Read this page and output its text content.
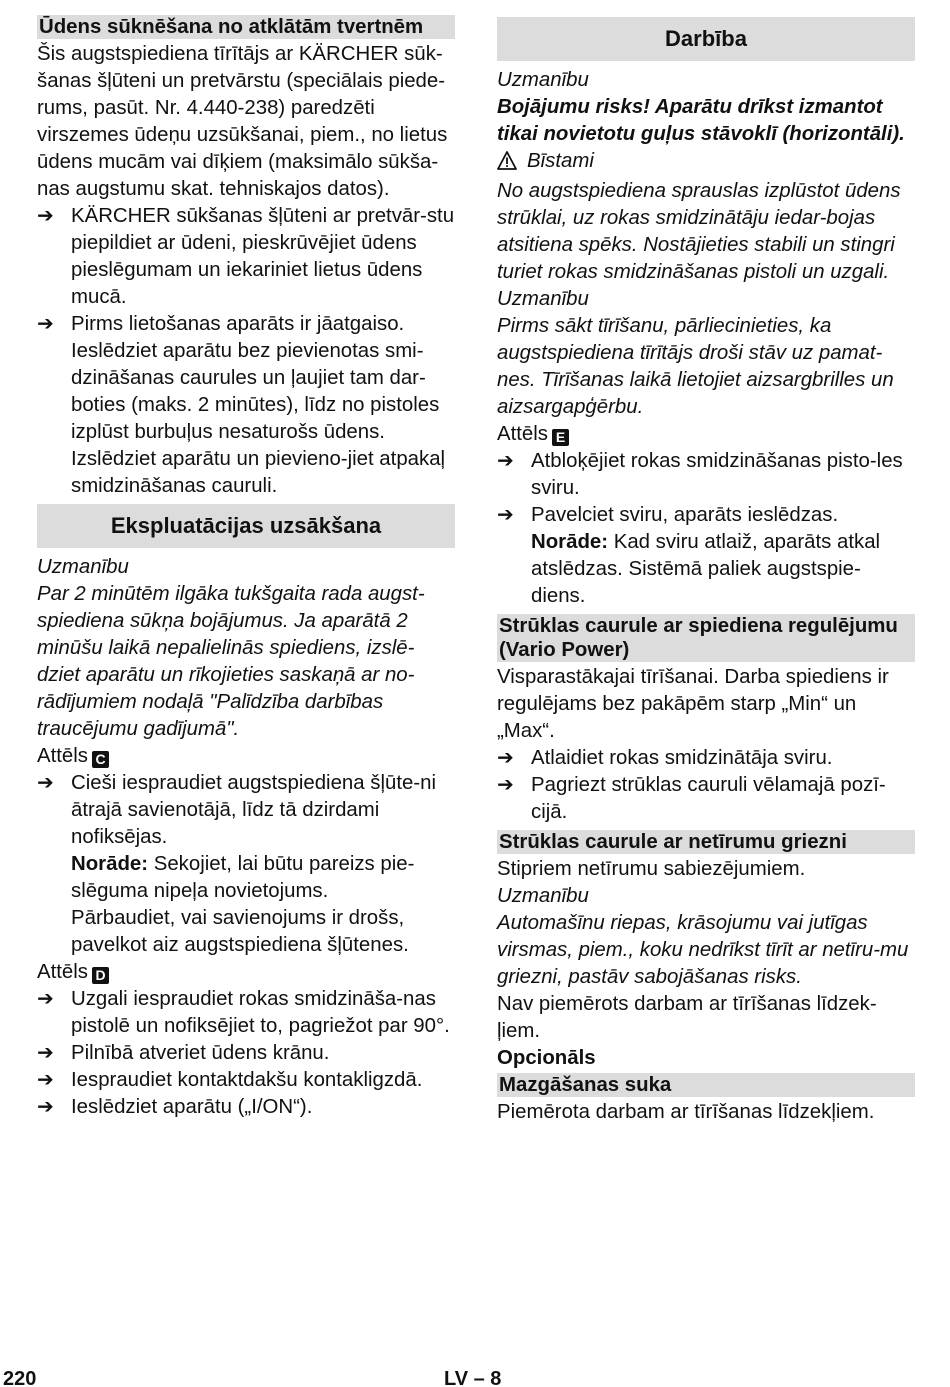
Ūdens sūknēšana no atklātām tvertnēm

Šis augstspiediena tīrītājs ar KÄRCHER sūk-šanas šļūteni un pretvārstu (speciālais piede-rums, pasūt. Nr. 4.440-238) paredzēti virszemes ūdeņu uzsūkšanai, piem., no lietus ūdens mucām vai dīķiem (maksimālo sūkša-nas augstumu skat. tehniskajos datos).

➔ KÄRCHER sūkšanas šļūteni ar pretvār-stu piepildiet ar ūdeni, pieskrūvējiet ūdens pieslēgumam un iekariniet lietus ūdens mucā.
➔ Pirms lietošanas aparāts ir jāatgaiso. Ieslēdziet aparātu bez pievienotas smi-dzināšanas caurules un ļaujiet tam dar-boties (maks. 2 minūtes), līdz no pistoles izplūst burbuļus nesaturošs ūdens. Izslēdziet aparātu un pievieno-jiet atpakaļ smidzināšanas cauruli.
Ekspluatācijas uzsākšana
Uzmanību

Par 2 minūtēm ilgāka tukšgaita rada augst-spiediena sūkņa bojājumus. Ja aparātā 2 minūšu laikā nepalielinās spiediens, izslē-dziet aparātu un rīkojieties saskaņā ar no-rādījumiem nodaļā "Palīdzība darbības traucējumu gadījumā".

Attēls C
➔ Cieši iespraudiet augstspiediena šļūte-ni ātrajā savienotājā, līdz tā dzirdami nofiksējas.
Norāde: Sekojiet, lai būtu pareizs pie-slēguma nipeļa novietojums.
Pārbaudiet, vai savienojums ir drošs, pavelkot aiz augstspiediena šļūtenes.
Attēls D
➔ Uzgali iespraudiet rokas smidzināša-nas pistolē un nofiksējiet to, pagriežot par 90°.
➔ Pilnībā atveriet ūdens krānu.
➔ Iespraudiet kontaktdakšu kontakligzdā.
➔ Ieslēdziet aparātu („I/ON“).
Darbība
Uzmanību

Bojājumu risks! Aparātu drīkst izmantot tikai novietotu guļus stāvoklī (horizontāli).

Bīstami

No augstspiediena sprauslas izplūstot ūdens strūklai, uz rokas smidzinātāju iedar-bojas atsitiena spēks. Nostājieties stabili un stingri turiet rokas smidzināšanas pistoli un uzgali.

Uzmanību

Pirms sākt tīrīšanu, pārliecinieties, ka augstspiediena tīrītājs droši stāv uz pamat-nes. Tīrīšanas laikā lietojiet aizsargbrilles un aizsargapģērbu.

Attēls E
➔ Atbloķējiet rokas smidzināšanas pisto-les sviru.
➔ Pavelciet sviru, aparāts ieslēdzas.
Norāde: Kad sviru atlaiž, aparāts atkal atslēdzas. Sistēmā paliek augstspie-diens.
Strūklas caurule ar spiediena regulējumu (Vario Power)

Visparastākajai tīrīšanai. Darba spiediens ir regulējams bez pakāpēm starp „Min“ un „Max“.

➔ Atlaidiet rokas smidzinātāja sviru.
➔ Pagriezt strūklas cauruli vēlamajā pozī-cijā.
Strūklas caurule ar netīrumu griezni

Stipriem netīrumu sabiezējumiem.

Uzmanību

Automašīnu riepas, krāsojumu vai jutīgas virsmas, piem., koku nedrīkst tīrīt ar netīru-mu griezni, pastāv sabojāšanas risks.

Nav piemērots darbam ar tīrīšanas līdzek-ļiem.

Opcionāls
Mazgāšanas suka

Piemērota darbam ar tīrīšanas līdzekļiem.

220	LV – 8
